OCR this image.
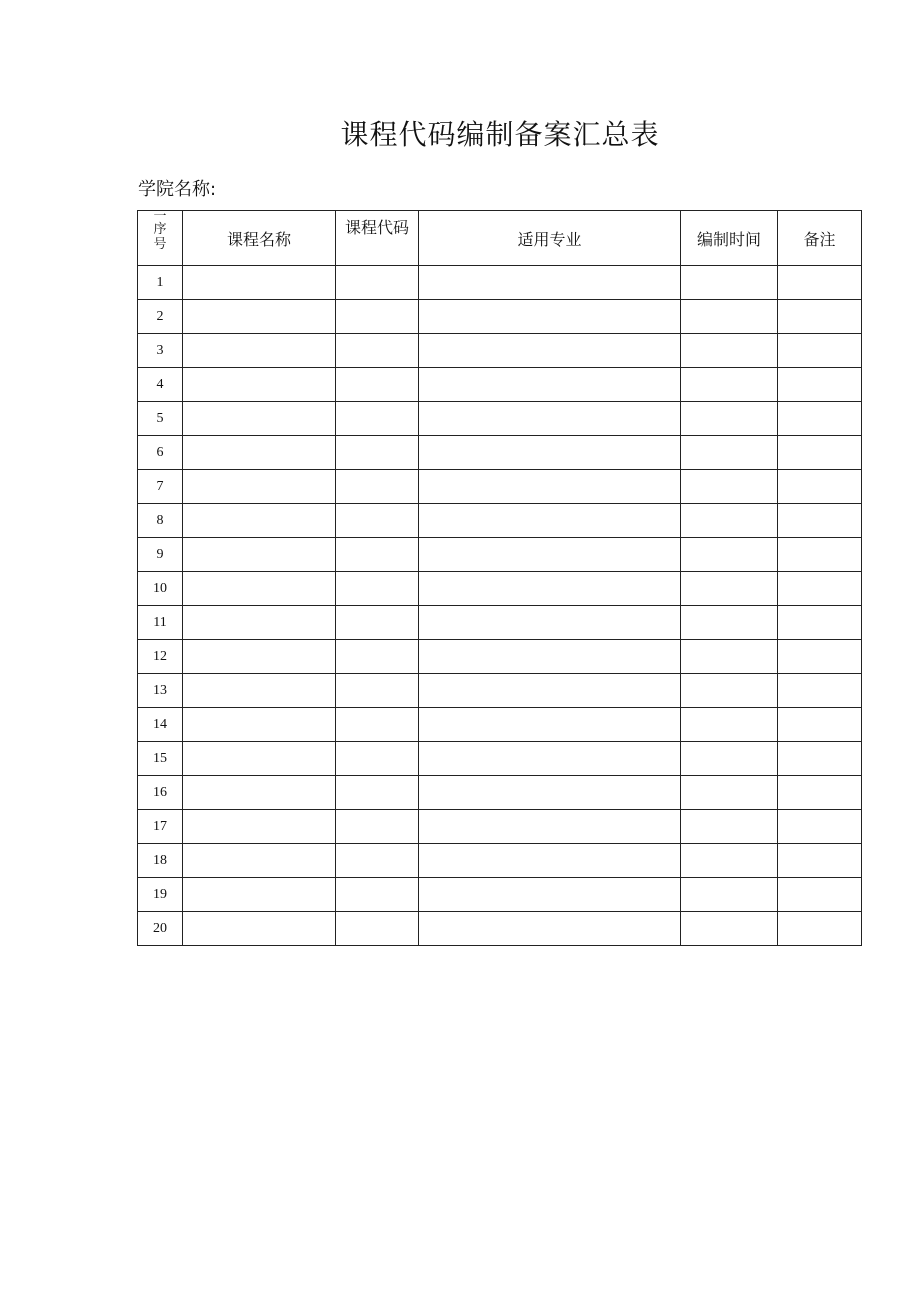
课程代码编制备案汇总表
学院名称:
一
序号	课程名称	课程代码	适用专业	编制时间	备注
1					
2					
3					
4					
5					
6					
7					
8					
9					
10					
11					
12					
13					
14					
15					
16					
17					
18					
19					
20					
